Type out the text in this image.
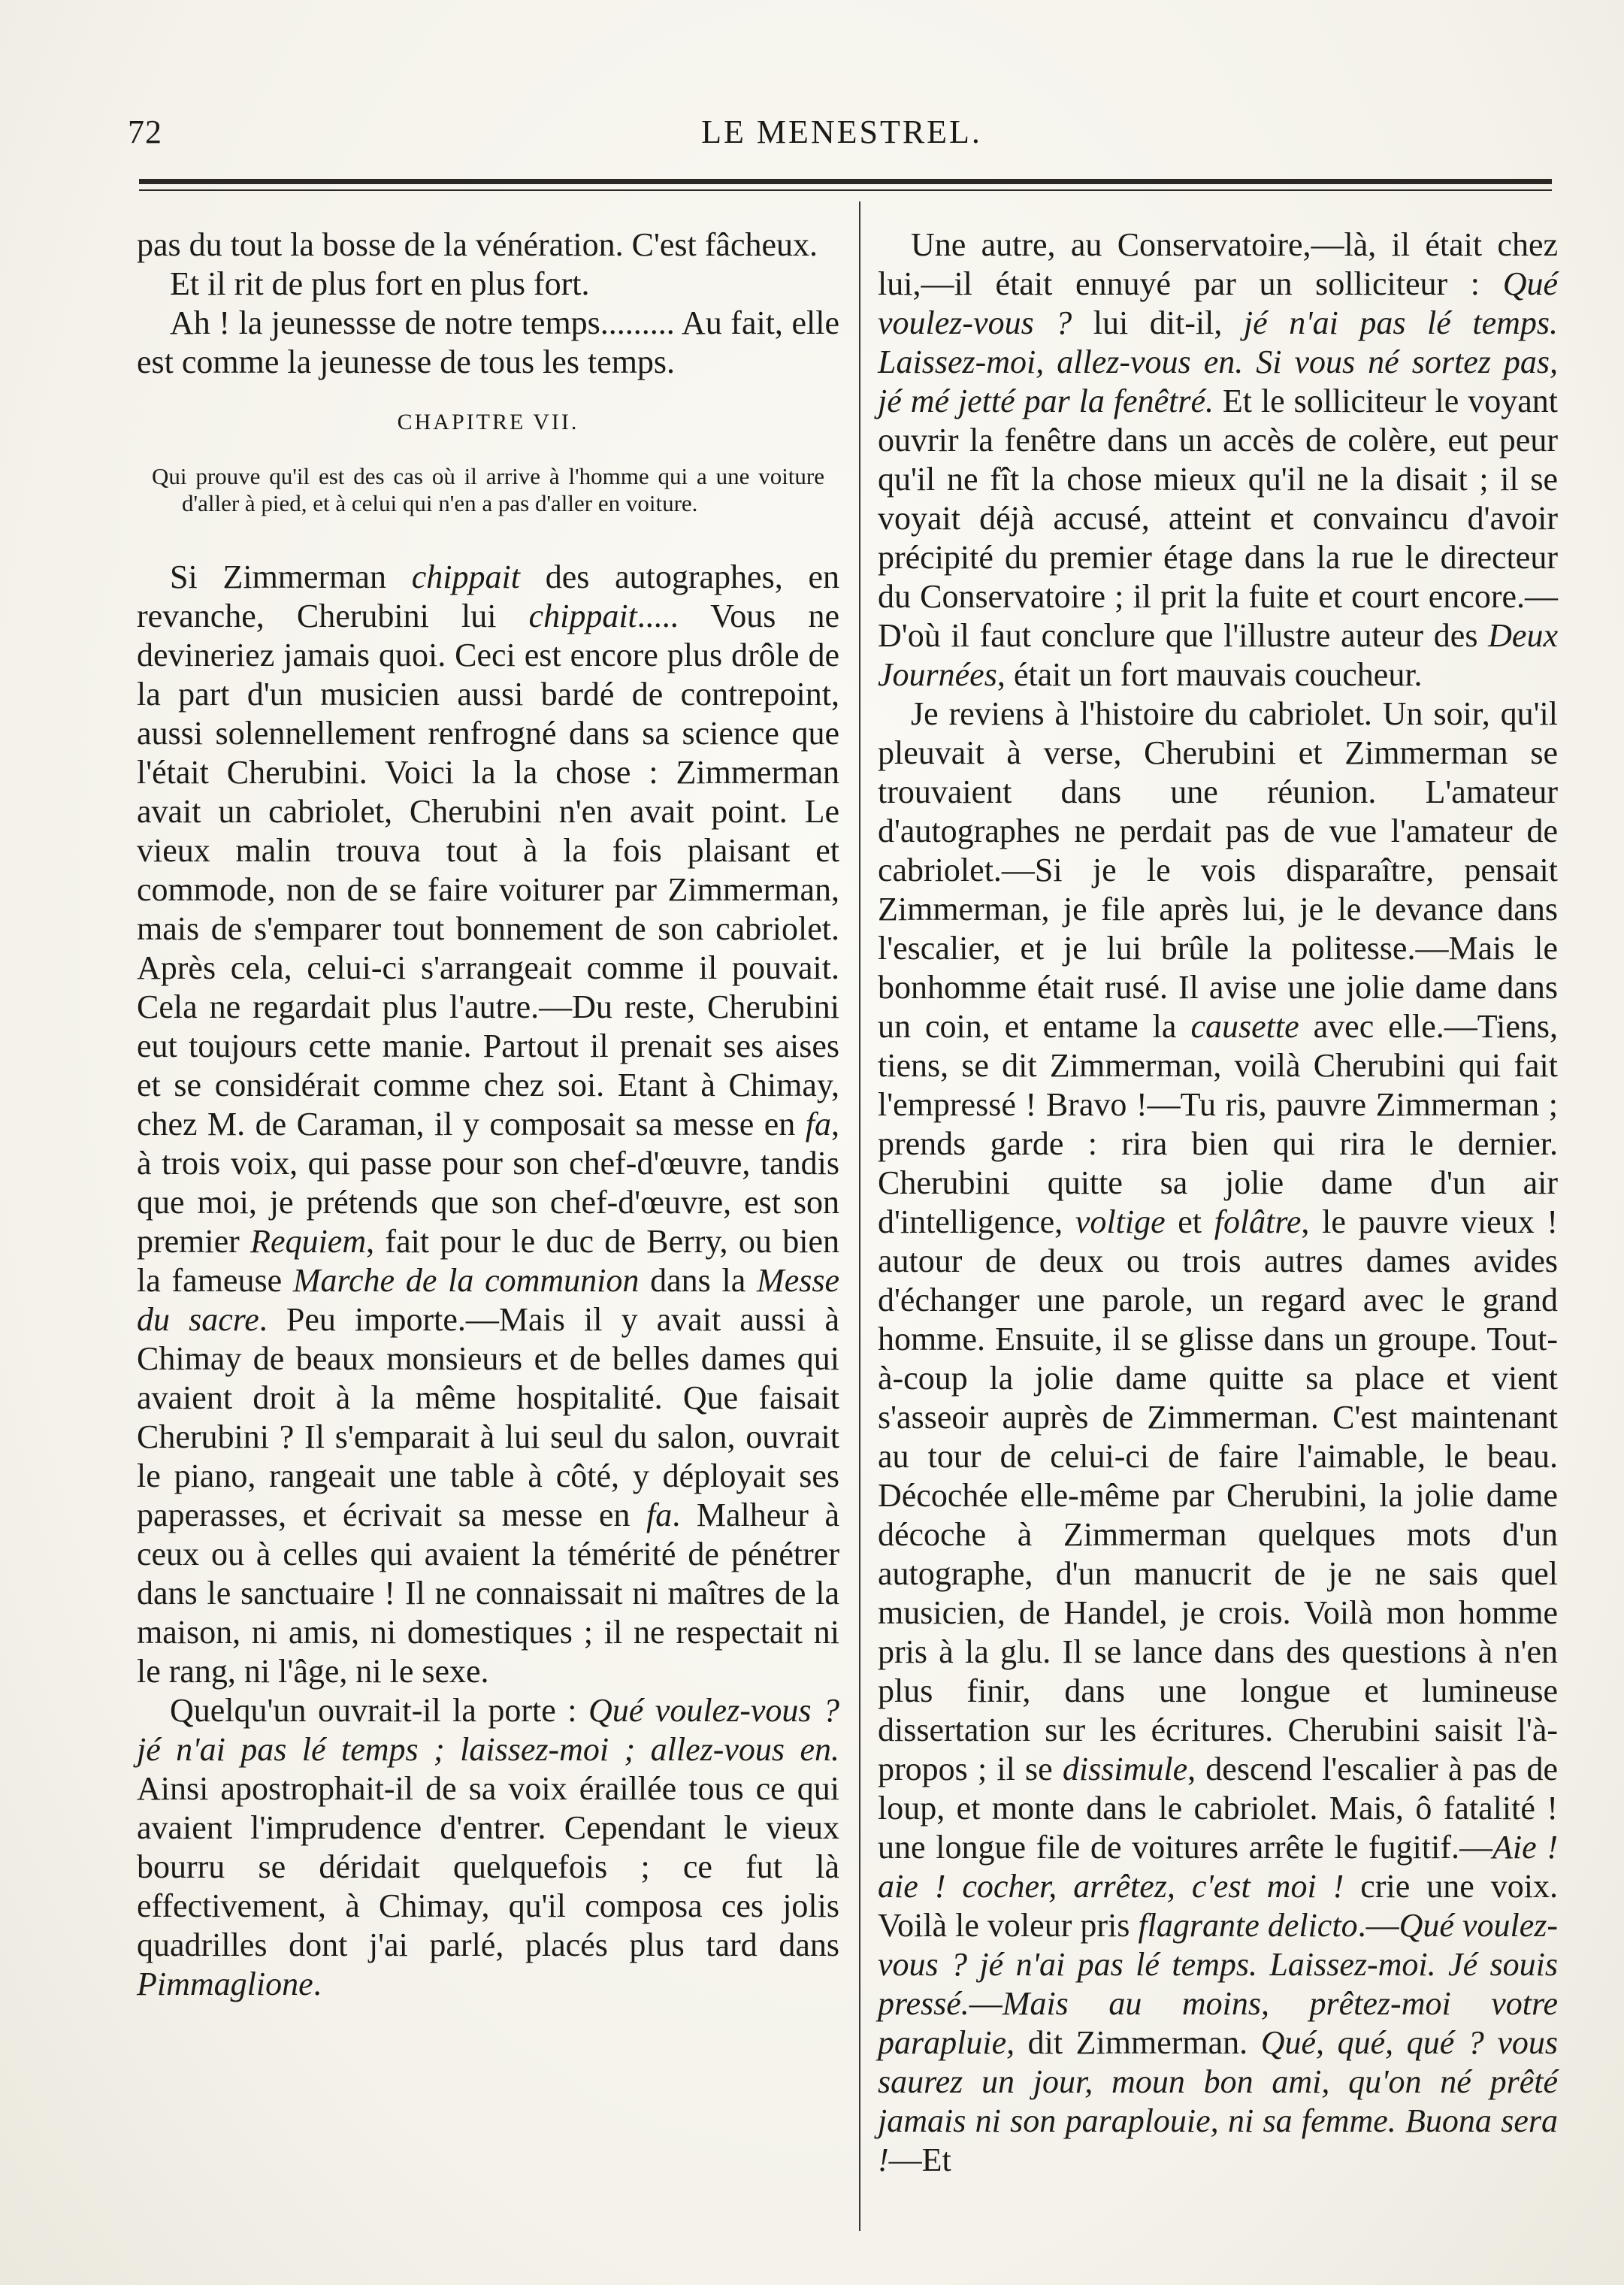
72	LE MENESTREL.

pas du tout la bosse de la vénération. C'est fâcheux.

Et il rit de plus fort en plus fort.

Ah ! la jeunessse de notre temps......... Au fait, elle est comme la jeunesse de tous les temps.

CHAPITRE VII.

Qui prouve qu'il est des cas où il arrive à l'homme qui a une voiture d'aller à pied, et à celui qui n'en a pas d'aller en voiture.

Si Zimmerman chippait des autographes, en revanche, Cherubini lui chippait..... Vous ne devineriez jamais quoi. Ceci est encore plus drôle de la part d'un musicien aussi bardé de contrepoint, aussi solennellement renfrogné dans sa science que l'était Cherubini. Voici la la chose : Zimmerman avait un cabriolet, Cherubini n'en avait point. Le vieux malin trouva tout à la fois plaisant et commode, non de se faire voiturer par Zimmerman, mais de s'emparer tout bonnement de son cabriolet. Après cela, celui-ci s'arrangeait comme il pouvait. Cela ne regardait plus l'autre.—Du reste, Cherubini eut toujours cette manie. Partout il prenait ses aises et se considérait comme chez soi. Etant à Chimay, chez M. de Caraman, il y composait sa messe en fa, à trois voix, qui passe pour son chef-d'œuvre, tandis que moi, je prétends que son chef-d'œuvre, est son premier Requiem, fait pour le duc de Berry, ou bien la fameuse Marche de la communion dans la Messe du sacre. Peu importe.—Mais il y avait aussi à Chimay de beaux monsieurs et de belles dames qui avaient droit à la même hospitalité. Que faisait Cherubini ? Il s'emparait à lui seul du salon, ouvrait le piano, rangeait une table à côté, y déployait ses paperasses, et écrivait sa messe en fa. Malheur à ceux ou à celles qui avaient la témérité de pénétrer dans le sanctuaire ! Il ne connaissait ni maîtres de la maison, ni amis, ni domestiques ; il ne respectait ni le rang, ni l'âge, ni le sexe.

Quelqu'un ouvrait-il la porte : Qué voulez-vous ? jé n'ai pas lé temps ; laissez-moi ; allez-vous en. Ainsi apostrophait-il de sa voix éraillée tous ce qui avaient l'imprudence d'entrer. Cependant le vieux bourru se déridait quelquefois ; ce fut là effectivement, à Chimay, qu'il composa ces jolis quadrilles dont j'ai parlé, placés plus tard dans Pimmaglione.

Une autre, au Conservatoire,—là, il était chez lui,—il était ennuyé par un solliciteur : Qué voulez-vous ? lui dit-il, jé n'ai pas lé temps. Laissez-moi, allez-vous en. Si vous né sortez pas, jé mé jetté par la fenêtré. Et le solliciteur le voyant ouvrir la fenêtre dans un accès de colère, eut peur qu'il ne fît la chose mieux qu'il ne la disait ; il se voyait déjà accusé, atteint et convaincu d'avoir précipité du premier étage dans la rue le directeur du Conservatoire ; il prit la fuite et court encore.—D'où il faut conclure que l'illustre auteur des Deux Journées, était un fort mauvais coucheur.

Je reviens à l'histoire du cabriolet. Un soir, qu'il pleuvait à verse, Cherubini et Zimmerman se trouvaient dans une réunion. L'amateur d'autographes ne perdait pas de vue l'amateur de cabriolet.—Si je le vois disparaître, pensait Zimmerman, je file après lui, je le devance dans l'escalier, et je lui brûle la politesse.—Mais le bonhomme était rusé. Il avise une jolie dame dans un coin, et entame la causette avec elle.—Tiens, tiens, se dit Zimmerman, voilà Cherubini qui fait l'empressé ! Bravo !—Tu ris, pauvre Zimmerman ; prends garde : rira bien qui rira le dernier. Cherubini quitte sa jolie dame d'un air d'intelligence, voltige et folâtre, le pauvre vieux ! autour de deux ou trois autres dames avides d'échanger une parole, un regard avec le grand homme. Ensuite, il se glisse dans un groupe. Tout-à-coup la jolie dame quitte sa place et vient s'asseoir auprès de Zimmerman. C'est maintenant au tour de celui-ci de faire l'aimable, le beau. Décochée elle-même par Cherubini, la jolie dame décoche à Zimmerman quelques mots d'un autographe, d'un manucrit de je ne sais quel musicien, de Handel, je crois. Voilà mon homme pris à la glu. Il se lance dans des questions à n'en plus finir, dans une longue et lumineuse dissertation sur les écritures. Cherubini saisit l'à-propos ; il se dissimule, descend l'escalier à pas de loup, et monte dans le cabriolet. Mais, ô fatalité ! une longue file de voitures arrête le fugitif.—Aie ! aie ! cocher, arrêtez, c'est moi ! crie une voix. Voilà le voleur pris flagrante delicto.—Qué voulez-vous ? jé n'ai pas lé temps. Laissez-moi. Jé souis pressé.—Mais au moins, prêtez-moi votre parapluie, dit Zimmerman. Qué, qué, qué ? vous saurez un jour, moun bon ami, qu'on né prêté jamais ni son paraplouie, ni sa femme. Buona sera !—Et
